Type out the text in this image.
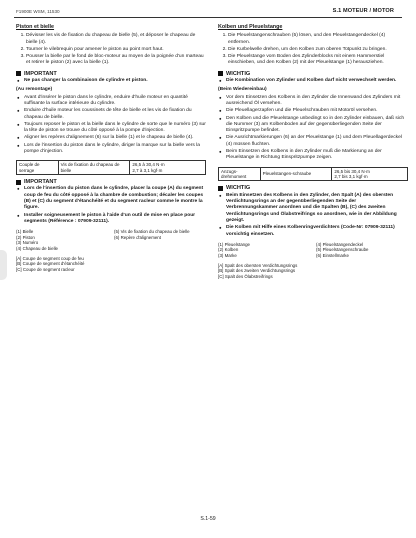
F1900E WSM, 11530	S.1 MOTEUR / MOTOR
Piston et bielle
1. Dévisser les vis de fixation du chapeau de bielle (5), et déposer le chapeau de bielle (4).
2. Tourner le vilebrequin pour amener le piston au point mort haut.
3. Pousser la bielle par le fond de bloc-moteur au moyen de la poignée d'un marteau et retirer le piston (2) avec la bielle (1).
IMPORTANT
● Ne pas changer la combinaison de cylindre et piston.
(Au remontage)
● Avant d'insérer le piston dans le cylindre, enduire d'huile moteur en quantité suffisante la surface intérieure du cylindre.
● Enduire d'huile moteur les coussinets de tête de bielle et les vis de fixation du chapeau de bielle.
● Toujours reposer le piston et la bielle dans le cylindre de sorte que le numéro (3) sur la tête de piston se trouve du côté opposé à la pompe d'injection.
● Aligner les repères d'alignement (6) sur la bielle (1) et le chapeau de bielle (4).
● Lors de l'insertion du piston dans le cylindre, diriger la marque sur la bielle vers la pompe d'injection.
Couple de serrage	Vis de fixation du chapeau de bielle	26,5 à 30,4 N·m
2,7 à 3,1 kgf·m
IMPORTANT
● Lors de l'insertion du piston dans le cylindre, placer la coupe (A) du segment coup de feu du côté opposé à la chambre de combustion; décaler les coupes (B) et (C) du segment d'étanchéité et du segment racleur comme le montre la figure.
● Installer soigneusement le piston à l'aide d'un outil de mise en place pour segments (Référence : 07909-32111).
(1) Bielle	(5) Vis de fixation du chapeau de bielle
(2) Piston	(6) Repère d'alignement
(3) Numéro
(4) Chapeau de bielle
[A] Coupe de segment coup de feu
[B] Coupe de segment d'étanchéité
[C] Coupe de segment racleur
Kolben und Pleuelstange
1. Die Pleuelstangenschrauben (5) lösen, und den Pleuelstangendeckel (4) entfernen.
2. Die Kurbelwelle drehen, um den Kolben zum oberen Totpunkt zu bringen.
3. Die Pleuelstange vom Boden des Zylinderblocks mit einem Hammerstiel einschieben, und den Kolben (2) mit der Pleuelstange (1) herausziehen.
WICHTIG
● Die Kombination von Zylinder und Kolben darf nicht verwechselt werden.
(Beim Wiedereinbau)
● Vor dem Einsetzen des Kolbens in den Zylinder die Innenwand des Zylinders mit ausreichend Öl versehen.
● Die Pleuellagerzapfen und die Pleuelschrauben mit Motoröl versehen.
● Den Kolben und die Pleuelstange unbedingt so in den Zylinder einbauen, daß sich die Nummer (3) am Kolbenboden auf der gegenüberliegenden Seite der Einspritzpumpe befindet.
● Die Ausrichtmarkierungen (6) an der Pleuelstange (1) und dem Pleuellagerdeckel (4) müssen fluchten.
● Beim Einsetzen des Kolbens in den Zylinder muß die Markierung an der Pleuelstange in Richtung Einspritzpumpe zeigen.
Anzugs-drehmoment	Pleuelstangen-schraube	26,5 bis 30,4 N·m
2,7 bis 3,1 kgf·m
WICHTIG
● Beim Einsetzen des Kolbens in den Zylinder, den Spalt (A) des obersten Verdichtungsrings an der gegenüberliegenden Seite der Verbrennungskammer anordnen und die Spalten (B), (C) des zweiten Verdichtungsrings und Ölabstreifrings so anordnen, wie in der Abbildung gezeigt.
● Die Kolben mit Hilfe eines Kolbenringverdichters (Code-Nr: 07909-32111) vorsichtig einsetzen.
(1) Pleuelstange	(4) Pleuelstangendeckel
(2) Kolben	(5) Pleuelstangenschraube
(3) Marke	(6) Einstellmarke
[A] Spalt des obersten Verdichtungsrings
[B] Spalt des zweiten Verdichtungsrings
[C] Spalt des Ölabstreifrings
S.1-59
